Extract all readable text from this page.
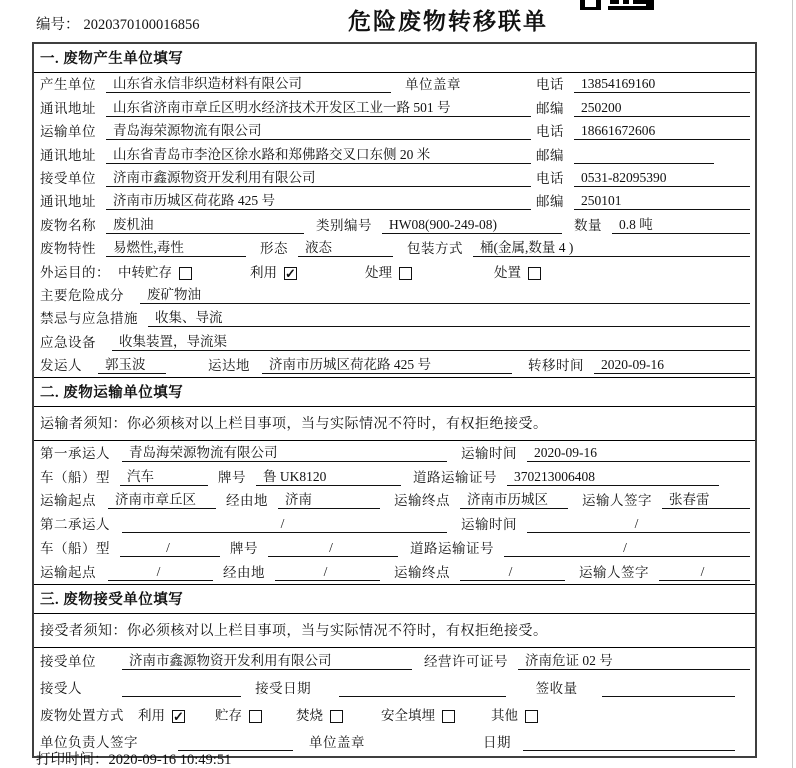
编号： 2020370100016856	危险废物转移联单
一. 废物产生单位填写
产生单位	山东省永信非织造材料有限公司	单位盖章	电话	13854169160
通讯地址	山东省济南市章丘区明水经济技术开发区工业一路 501 号	邮编	250200
运输单位	青岛海荣源物流有限公司	电话	18661672606
通讯地址	山东省青岛市李沧区徐水路和郑佛路交叉口东侧 20 米	邮编
接受单位	济南市鑫源物资开发利用有限公司	电话	0531-82095390
通讯地址	济南市历城区荷花路 425 号	邮编	250101
废物名称	废机油	类别编号	HW08(900-249-08)	数量	0.8 吨
废物特性	易燃性,毒性	形态	液态	包装方式	桶(金属,数量 4 )
外运目的： 中转贮存	利用 ✓	处理	处置
主要危险成分	废矿物油
禁忌与应急措施	收集、导流
应急设备	收集装置，导流渠
发运人	郭玉波	运达地	济南市历城区荷花路 425 号	转移时间	2020-09-16
二. 废物运输单位填写
运输者须知：你必须核对以上栏目事项，当与实际情况不符时，有权拒绝接受。
第一承运人	青岛海荣源物流有限公司	运输时间	2020-09-16
车（船）型	汽车	牌号	鲁 UK8120	道路运输证号	370213006408
运输起点	济南市章丘区	经由地	济南	运输终点	济南市历城区	运输人签字	张春雷
第二承运人	/	运输时间	/
车（船）型	/	牌号	/	道路运输证号	/
运输起点	/	经由地	/	运输终点	/	运输人签字	/
三. 废物接受单位填写
接受者须知：你必须核对以上栏目事项，当与实际情况不符时，有权拒绝接受。
接受单位	济南市鑫源物资开发利用有限公司	经营许可证号	济南危证 02 号
接受人	接受日期	签收量
废物处置方式 利用 ✓	贮存	焚烧	安全填埋	其他
单位负责人签字	单位盖章	日期
打印时间：2020-09-16 10:49:51
